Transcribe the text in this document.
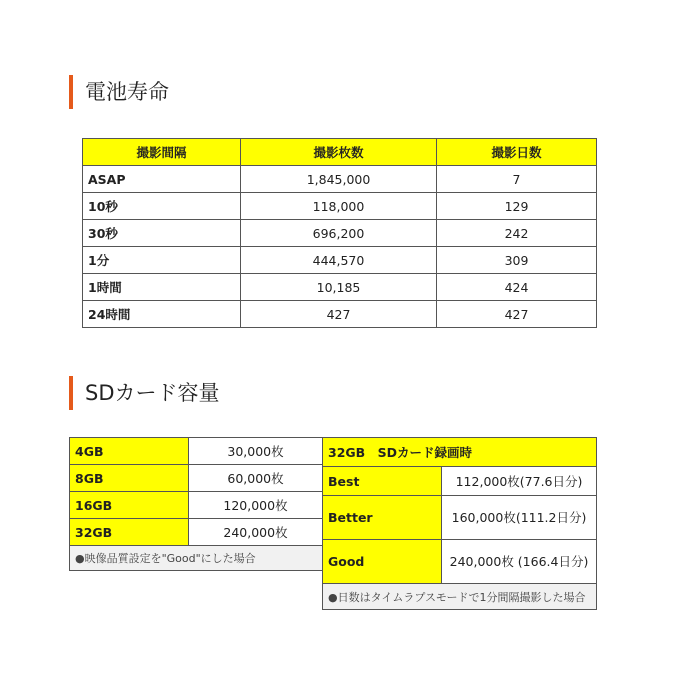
電池寿命
撮影間隔	撮影枚数	撮影日数
ASAP	1,845,000	7
10秒	118,000	129
30秒	696,200	242
1分	444,570	309
1時間	10,185	424
24時間	427	427
SDカード容量
4GB	30,000枚
8GB	60,000枚
16GB	120,000枚
32GB	240,000枚
●映像品質設定を"Good"にした場合	
32GB　SDカード録画時	
Best	112,000枚(77.6日分)
Better	160,000枚(111.2日分)
Good	240,000枚 (166.4日分)
●日数はタイムラプスモードで1分間隔撮影した場合	
